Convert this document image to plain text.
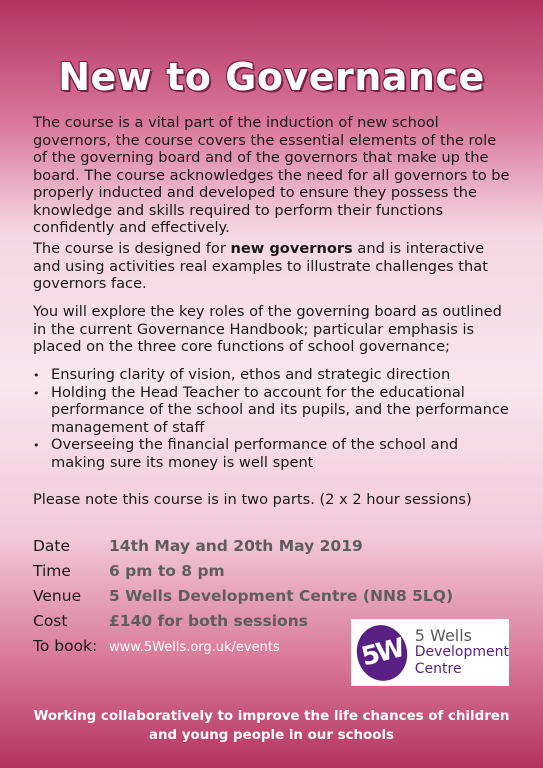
New to Governance

The course is a vital part of the induction of new school governors, the course covers the essential elements of the role of the governing board and of the governors that make up the board. The course acknowledges the need for all governors to be properly inducted and developed to ensure they possess the knowledge and skills required to perform their functions confidently and effectively.

The course is designed for new governors and is interactive and using activities real examples to illustrate challenges that governors face.

You will explore the key roles of the governing board as outlined in the current Governance Handbook; particular emphasis is placed on the three core functions of school governance;

• Ensuring clarity of vision, ethos and strategic direction
• Holding the Head Teacher to account for the educational performance of the school and its pupils, and the performance management of staff
• Overseeing the financial performance of the school and making sure its money is well spent

Please note this course is in two parts. (2 x 2 hour sessions)

Date	14th May and 20th May 2019
Time 6 pm to 8 pm
Venue 5 Wells Development Centre (NN8 5LQ)
Cost	£140 for both sessions
To book: www.5Wells.org.uk/events	5W 5 Wells
Development
Centre
Working collaboratively to improve the life chances of children
and young people in our schools
